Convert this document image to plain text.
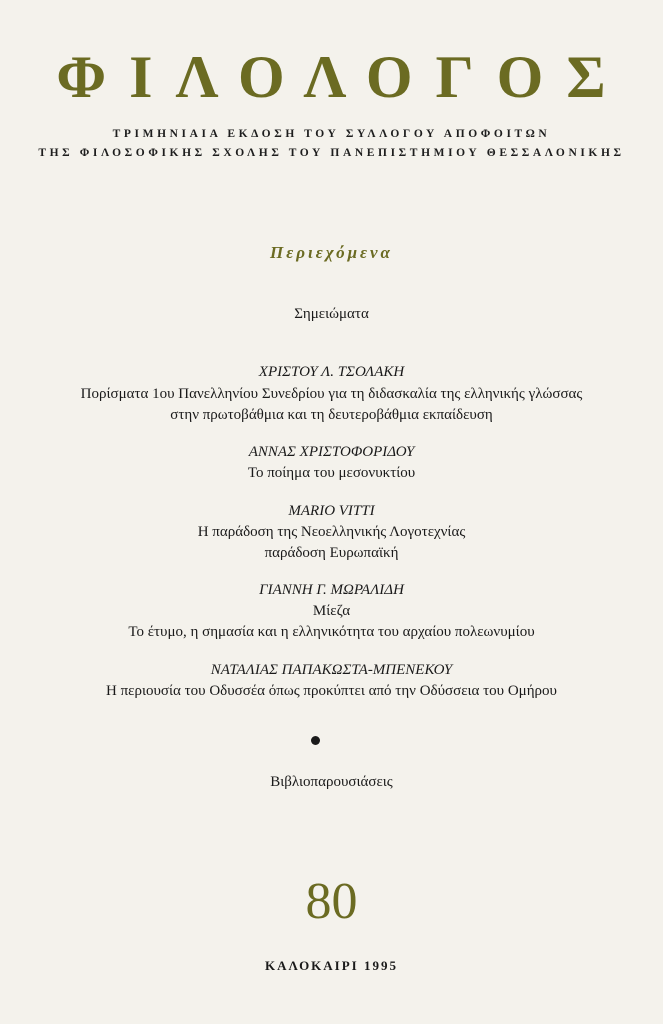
ΦΙΛΟΛΟΓΟΣ
ΤΡΙΜΗΝΙΑΙΑ ΕΚΔΟΣΗ ΤΟΥ ΣΥΛΛΟΓΟΥ ΑΠΟΦΟΙΤΩΝ
ΤΗΣ ΦΙΛΟΣΟΦΙΚΗΣ ΣΧΟΛΗΣ ΤΟΥ ΠΑΝΕΠΙΣΤΗΜΙΟΥ ΘΕΣΣΑΛΟΝΙΚΗΣ
Περιεχόμενα
Σημειώματα
ΧΡΙΣΤΟΥ Λ. ΤΣΟΛΑΚΗ
Πορίσματα 1ου Πανελληνίου Συνεδρίου για τη διδασκαλία της ελληνικής γλώσσας
στην πρωτοβάθμια και τη δευτεροβάθμια εκπαίδευση
ΑΝΝΑΣ ΧΡΙΣΤΟΦΟΡΙΔΟΥ
Το ποίημα του μεσονυκτίου
MARIO VITTI
Η παράδοση της Νεοελληνικής Λογοτεχνίας
παράδοση Ευρωπαϊκή
ΓΙΑΝΝΗ Γ. ΜΩΡΑΛΙΔΗ
Μίεζα
Το έτυμο, η σημασία και η ελληνικότητα του αρχαίου πολεωνυμίου
ΝΑΤΑΛΙΑΣ ΠΑΠΑΚΩΣΤΑ-ΜΠΕΝΕΚΟΥ
Η περιουσία του Οδυσσέα όπως προκύπτει από την Οδύσσεια του Ομήρου
Βιβλιοπαρουσιάσεις
80
ΚΑΛΟΚΑΙΡΙ 1995
